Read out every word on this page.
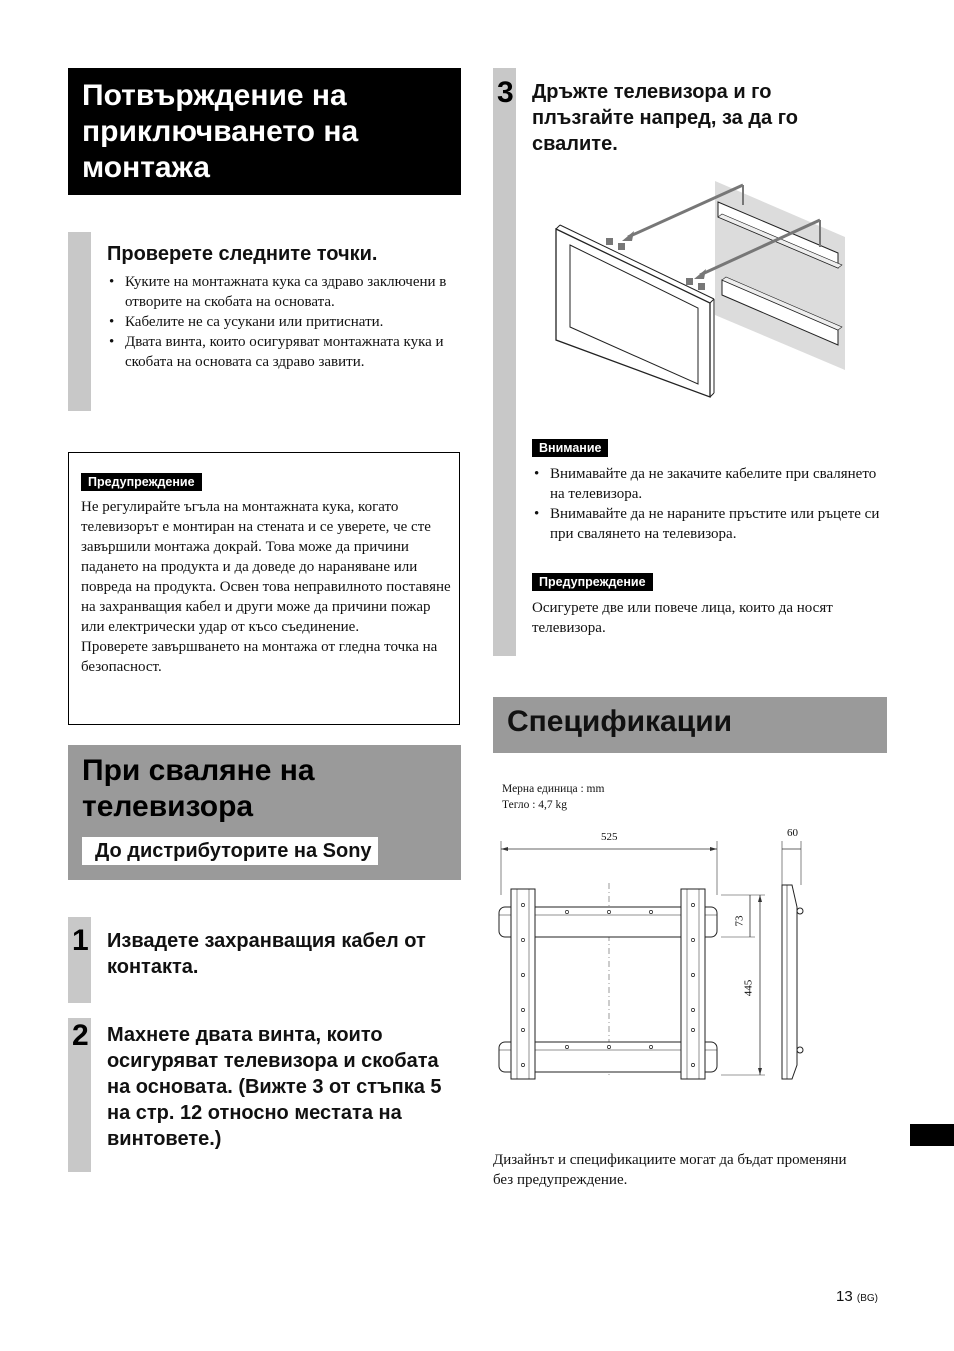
Потвърждение на
приключването на
монтажа
Проверете следните точки.
• Куките на монтажната кука са здраво заключени в отворите на скобата на основата.
• Кабелите не са усукани или притиснати.
• Двата винта, които осигуряват монтажната кука и скобата на основата са здраво завити.
Предупреждение
Не регулирайте ъгъла на монтажната кука, когато телевизорът е монтиран на стената и се уверете, че сте завършили монтажа докрай. Това може да причини падането на продукта и да доведе до нараняване или повреда на продукта. Освен това неправилното поставяне на захранващия кабел и други може да причини пожар или електрически удар от късо съединение.
Проверете завършването на монтажа от гледна точка на безопасност.
При сваляне на
телевизора
До дистрибуторите на Sony
1 Извадете захранващия кабел от контакта.
2 Махнете двата винта, които осигуряват телевизора и скобата на основата. (Вижте 3 от стъпка 5 на стр. 12 относно местата на винтовете.)
3 Дръжте телевизора и го плъзгайте напред, за да го свалите.
Внимание
• Внимавайте да не закачите кабелите при свалянето на телевизора.
• Внимавайте да не нараните пръстите или ръцете си при свалянето на телевизора.
Предупреждение
Осигурете две или повече лица, които да носят телевизора.
Спецификации
Мерна единица : mm
Тегло : 4,7 kg
525	60
73
445
Дизайнът и спецификациите могат да бъдат променяни без предупреждение.
13 (BG)
